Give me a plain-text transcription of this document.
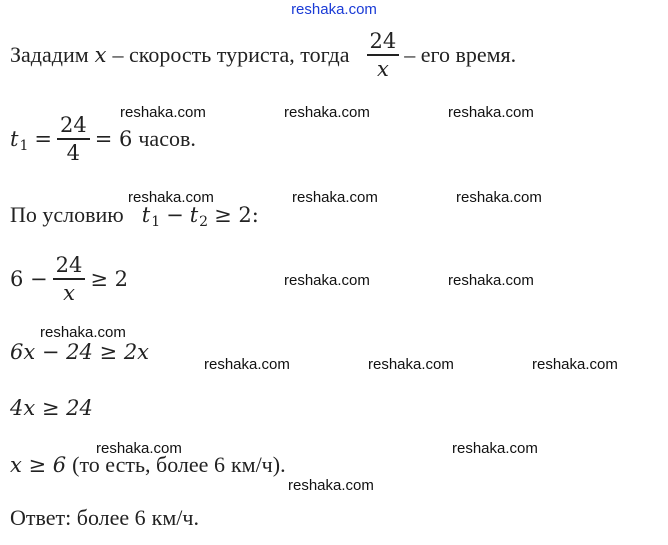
reshaka.com
reshaka.com	reshaka.com	reshaka.com
reshaka.com	reshaka.com	reshaka.com
reshaka.com	reshaka.com
reshaka.com
reshaka.com	reshaka.com	reshaka.com
reshaka.com	reshaka.com
reshaka.com
Зададим x – скорость туриста, тогда $\frac{24}{x}$ – его время.
t $1 = \frac{24}{4} = 6$ часов.
По условию t 1 − t 2 ≥ 2:
$6 - \frac{24}{x} \ge 2$
6x − 24 ≥ 2x
4x ≥ 24
x ≥ 6 (то есть, более 6 км/ч).
Ответ: более 6 км/ч.
